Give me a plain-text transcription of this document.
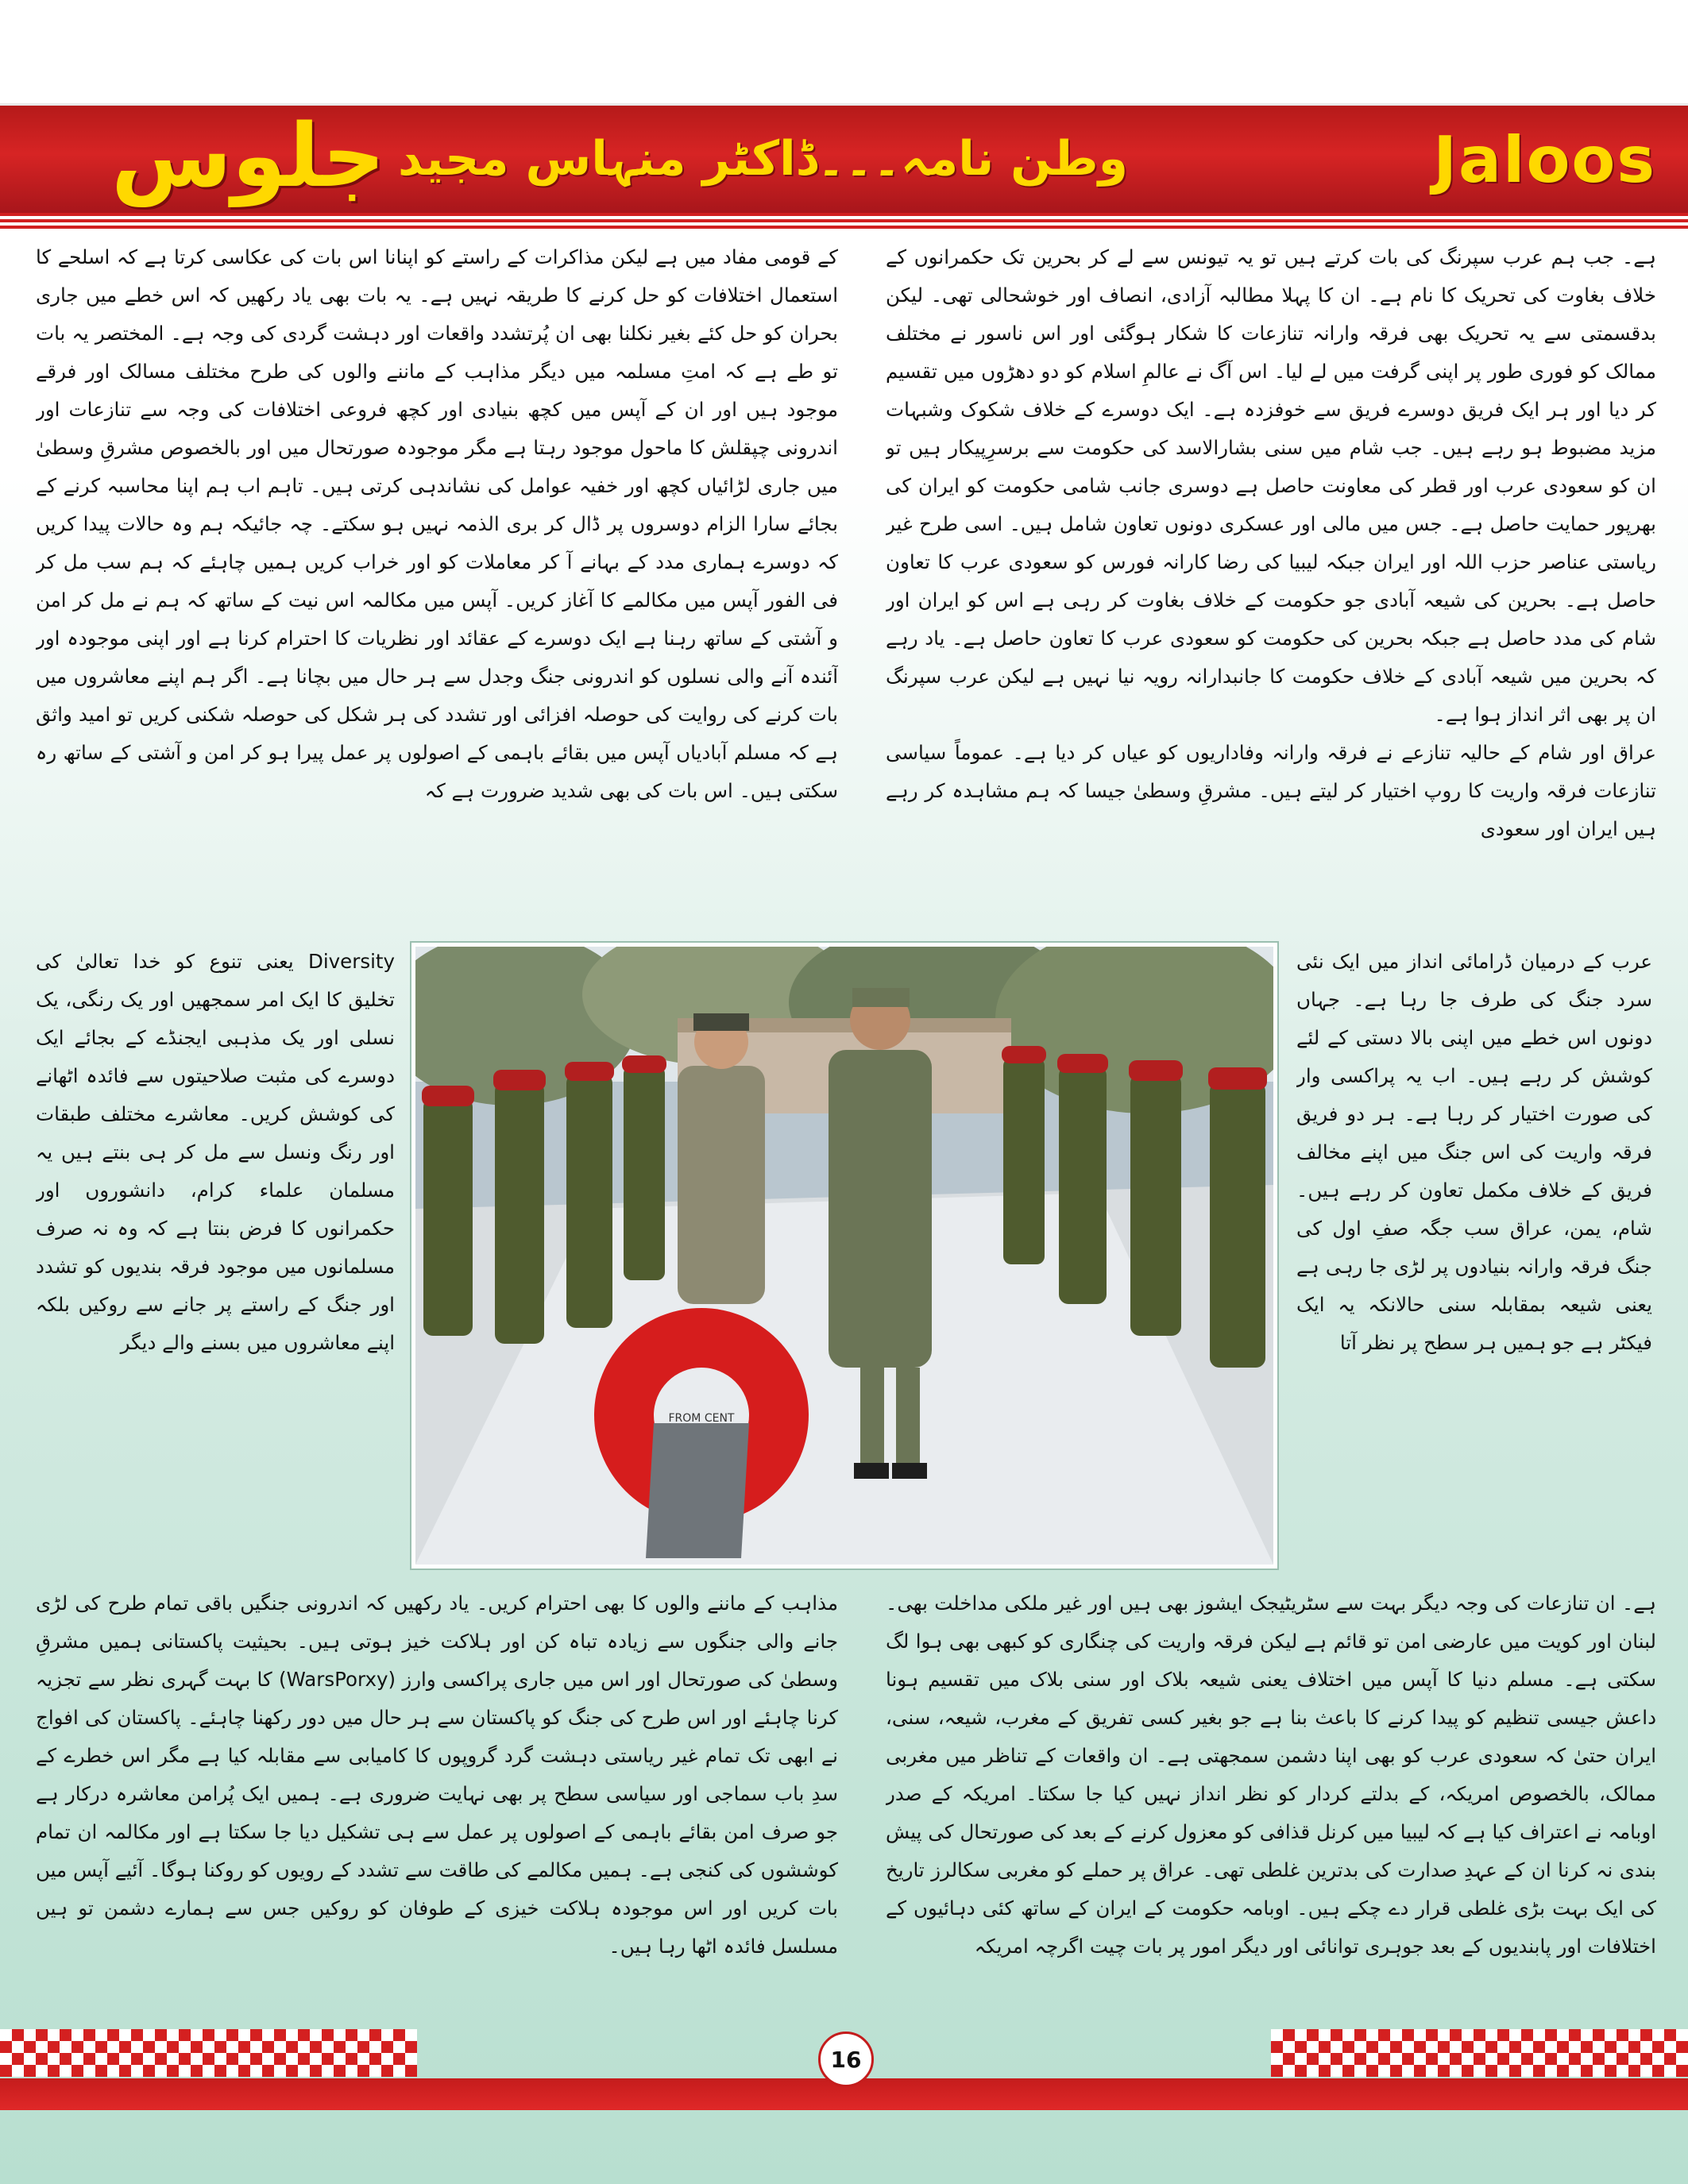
جلوس وطن نامہ۔۔۔ڈاکٹر منہاس مجید	Jaloos

ہے۔ جب ہم عرب سپرنگ کی بات کرتے ہیں تو یہ تیونس سے لے کر بحرین تک حکمرانوں کے خلاف بغاوت کی تحریک کا نام ہے۔ ان کا پہلا مطالبہ آزادی، انصاف اور خوشحالی تھی۔ لیکن بدقسمتی سے یہ تحریک بھی فرقہ وارانہ تنازعات کا شکار ہوگئی اور اس ناسور نے مختلف ممالک کو فوری طور پر اپنی گرفت میں لے لیا۔ اس آگ نے عالمِ اسلام کو دو دھڑوں میں تقسیم کر دیا اور ہر ایک فریق دوسرے فریق سے خوفزدہ ہے۔ ایک دوسرے کے خلاف شکوک وشبہات مزید مضبوط ہو رہے ہیں۔ جب شام میں سنی بشارالاسد کی حکومت سے برسرِپیکار ہیں تو ان کو سعودی عرب اور قطر کی معاونت حاصل ہے دوسری جانب شامی حکومت کو ایران کی بھرپور حمایت حاصل ہے۔ جس میں مالی اور عسکری دونوں تعاون شامل ہیں۔ اسی طرح غیر ریاستی عناصر حزب اللہ اور ایران جبکہ لیبیا کی رضا کارانہ فورس کو سعودی عرب کا تعاون حاصل ہے۔ بحرین کی شیعہ آبادی جو حکومت کے خلاف بغاوت کر رہی ہے اس کو ایران اور شام کی مدد حاصل ہے جبکہ بحرین کی حکومت کو سعودی عرب کا تعاون حاصل ہے۔ یاد رہے کہ بحرین میں شیعہ آبادی کے خلاف حکومت کا جانبدارانہ رویہ نیا نہیں ہے لیکن عرب سپرنگ ان پر بھی اثر انداز ہوا ہے۔

عراق اور شام کے حالیہ تنازعے نے فرقہ وارانہ وفاداریوں کو عیاں کر دیا ہے۔ عموماً سیاسی تنازعات فرقہ واریت کا روپ اختیار کر لیتے ہیں۔ مشرقِ وسطیٰ جیسا کہ ہم مشاہدہ کر رہے ہیں ایران اور سعودی

کے قومی مفاد میں ہے لیکن مذاکرات کے راستے کو اپنانا اس بات کی عکاسی کرتا ہے کہ اسلحے کا استعمال اختلافات کو حل کرنے کا طریقہ نہیں ہے۔ یہ بات بھی یاد رکھیں کہ اس خطے میں جاری بحران کو حل کئے بغیر نکلنا بھی ان پُرتشدد واقعات اور دہشت گردی کی وجہ ہے۔ المختصر یہ بات تو طے ہے کہ امتِ مسلمہ میں دیگر مذاہب کے ماننے والوں کی طرح مختلف مسالک اور فرقے موجود ہیں اور ان کے آپس میں کچھ بنیادی اور کچھ فروعی اختلافات کی وجہ سے تنازعات اور اندرونی چپقلش کا ماحول موجود رہتا ہے مگر موجودہ صورتحال میں اور بالخصوص مشرقِ وسطیٰ میں جاری لڑائیاں کچھ اور خفیہ عوامل کی نشاندہی کرتی ہیں۔ تاہم اب ہم اپنا محاسبہ کرنے کے بجائے سارا الزام دوسروں پر ڈال کر بری الذمہ نہیں ہو سکتے۔ چہ جائیکہ ہم وہ حالات پیدا کریں کہ دوسرے ہماری مدد کے بہانے آ کر معاملات کو اور خراب کریں ہمیں چاہئے کہ ہم سب مل کر فی الفور آپس میں مکالمے کا آغاز کریں۔ آپس میں مکالمہ اس نیت کے ساتھ کہ ہم نے مل کر امن و آشتی کے ساتھ رہنا ہے ایک دوسرے کے عقائد اور نظریات کا احترام کرنا ہے اور اپنی موجودہ اور آئندہ آنے والی نسلوں کو اندرونی جنگ وجدل سے ہر حال میں بچانا ہے۔ اگر ہم اپنے معاشروں میں بات کرنے کی روایت کی حوصلہ افزائی اور تشدد کی ہر شکل کی حوصلہ شکنی کریں تو امید واثق ہے کہ مسلم آبادیاں آپس میں بقائے باہمی کے اصولوں پر عمل پیرا ہو کر امن و آشتی کے ساتھ رہ سکتی ہیں۔ اس بات کی بھی شدید ضرورت ہے کہ

عرب کے درمیان ڈرامائی انداز میں ایک نئی سرد جنگ کی طرف جا رہا ہے۔ جہاں دونوں اس خطے میں اپنی بالا دستی کے لئے کوشش کر رہے ہیں۔ اب یہ پراکسی وار کی صورت اختیار کر رہا ہے۔ ہر دو فریق فرقہ واریت کی اس جنگ میں اپنے مخالف فریق کے خلاف مکمل تعاون کر رہے ہیں۔ شام، یمن، عراق سب جگہ صفِ اول کی جنگ فرقہ وارانہ بنیادوں پر لڑی جا رہی ہے یعنی شیعہ بمقابلہ سنی حالانکہ یہ ایک فیکٹر ہے جو ہمیں ہر سطح پر نظر آتا

Diversity یعنی تنوع کو خدا تعالیٰ کی تخلیق کا ایک امر سمجھیں اور یک رنگی، یک نسلی اور یک مذہبی ایجنڈے کے بجائے ایک دوسرے کی مثبت صلاحیتوں سے فائدہ اٹھانے کی کوشش کریں۔ معاشرے مختلف طبقات اور رنگ ونسل سے مل کر ہی بنتے ہیں یہ مسلمان علماء کرام، دانشوروں اور حکمرانوں کا فرض بنتا ہے کہ وہ نہ صرف مسلمانوں میں موجود فرقہ بندیوں کو تشدد اور جنگ کے راستے پر جانے سے روکیں بلکہ اپنے معاشروں میں بسنے والے دیگر

FROM CENT

ہے۔ ان تنازعات کی وجہ دیگر بہت سے سٹریٹیجک ایشوز بھی ہیں اور غیر ملکی مداخلت بھی۔ لبنان اور کویت میں عارضی امن تو قائم ہے لیکن فرقہ واریت کی چنگاری کو کبھی بھی ہوا لگ سکتی ہے۔ مسلم دنیا کا آپس میں اختلاف یعنی شیعہ بلاک اور سنی بلاک میں تقسیم ہونا داعش جیسی تنظیم کو پیدا کرنے کا باعث بنا ہے جو بغیر کسی تفریق کے مغرب، شیعہ، سنی، ایران حتیٰ کہ سعودی عرب کو بھی اپنا دشمن سمجھتی ہے۔ ان واقعات کے تناظر میں مغربی ممالک، بالخصوص امریکہ، کے بدلتے کردار کو نظر انداز نہیں کیا جا سکتا۔ امریکہ کے صدر اوبامہ نے اعتراف کیا ہے کہ لیبیا میں کرنل قذافی کو معزول کرنے کے بعد کی صورتحال کی پیش بندی نہ کرنا ان کے عہدِ صدارت کی بدترین غلطی تھی۔ عراق پر حملے کو مغربی سکالرز تاریخ کی ایک بہت بڑی غلطی قرار دے چکے ہیں۔ اوبامہ حکومت کے ایران کے ساتھ کئی دہائیوں کے اختلافات اور پابندیوں کے بعد جوہری توانائی اور دیگر امور پر بات چیت اگرچہ امریکہ

مذاہب کے ماننے والوں کا بھی احترام کریں۔ یاد رکھیں کہ اندرونی جنگیں باقی تمام طرح کی لڑی جانے والی جنگوں سے زیادہ تباہ کن اور ہلاکت خیز ہوتی ہیں۔ بحیثیت پاکستانی ہمیں مشرقِ وسطیٰ کی صورتحال اور اس میں جاری پراکسی وارز (WarsPorxy) کا بہت گہری نظر سے تجزیہ کرنا چاہئے اور اس طرح کی جنگ کو پاکستان سے ہر حال میں دور رکھنا چاہئے۔ پاکستان کی افواج نے ابھی تک تمام غیر ریاستی دہشت گرد گروپوں کا کامیابی سے مقابلہ کیا ہے مگر اس خطرے کے سدِ باب سماجی اور سیاسی سطح پر بھی نہایت ضروری ہے۔ ہمیں ایک پُرامن معاشرہ درکار ہے جو صرف امن بقائے باہمی کے اصولوں پر عمل سے ہی تشکیل دیا جا سکتا ہے اور مکالمہ ان تمام کوششوں کی کنجی ہے۔ ہمیں مکالمے کی طاقت سے تشدد کے رویوں کو روکنا ہوگا۔ آئیے آپس میں بات کریں اور اس موجودہ ہلاکت خیزی کے طوفان کو روکیں جس سے ہمارے دشمن تو ہیں مسلسل فائدہ اٹھا رہا ہیں۔

16
